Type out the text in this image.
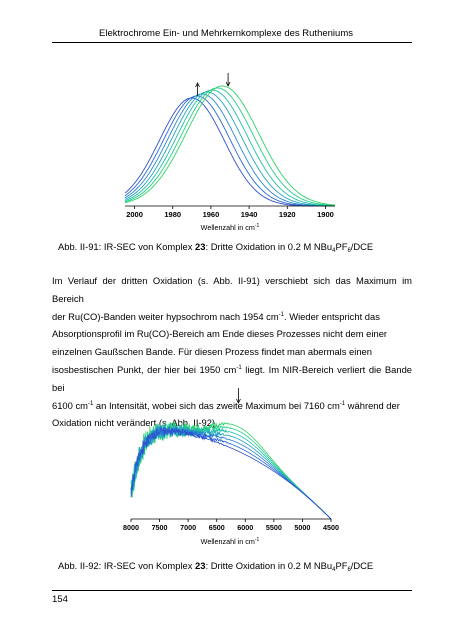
Elektrochrome Ein- und Mehrkernkomplexe des Rutheniums
2000	1980	1960	1940	1920	1900
Wellenzahl in $cm^{-1}$
Abb. II-91: IR-SEC von Komplex 23: Dritte Oxidation in 0.2 M $NBu_4PF_6$/DCE

Im Verlauf der dritten Oxidation (s. Abb. II-91) verschiebt sich das Maximum im Bereich

der Ru(CO)-Banden weiter hypsochrom nach 1954 $cm^{-1}$. Wieder entspricht das

Absorptionsprofil im Ru(CO)-Bereich am Ende dieses Prozesses nicht dem einer

einzelnen Gaußschen Bande. Für diesen Prozess findet man abermals einen

isosbestischen Punkt, der hier bei 1950 $cm^{-1}$ liegt. Im NIR-Bereich verliert die Bande bei

6100 $cm^{-1}$ an Intensität, wobei sich das zweite Maximum bei 7160 $cm^{-1}$ während der

Oxidation nicht verändert (s. Abb. II-92).

8000 7500 7000 6500 6000 5500 5000 4500
Wellenzahl in $cm^{-1}$
Abb. II-92: IR-SEC von Komplex 23: Dritte Oxidation in 0.2 M $NBu_4PF_6$/DCE
154
